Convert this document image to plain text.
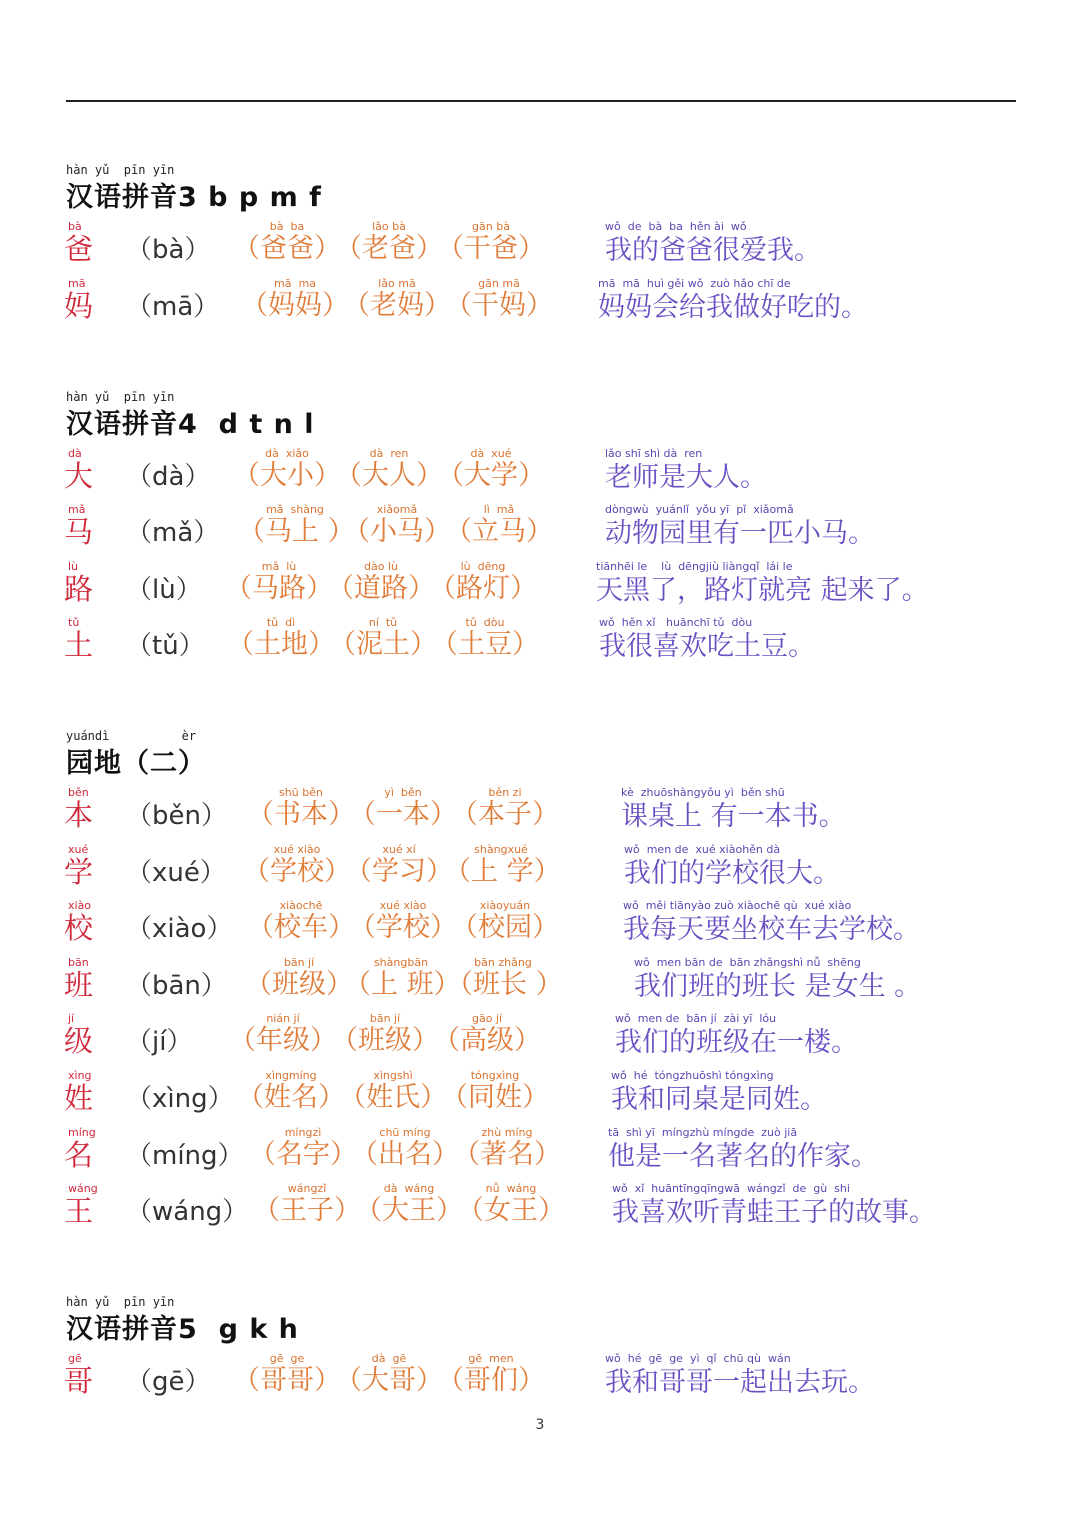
hàn yǔ  pīn yīn
汉语拼音3 b p m f
bà
爸 （bà）
bà  ba
（爸爸）
lǎo bà
（老爸）
gān bà
（干爸）
wǒ  de  bà  ba  hěn ài  wǒ
我的爸爸很爱我。
mā
妈 （mā）
mā  ma
（妈妈）
lǎo mā
（老妈）
gān mā
（干妈）
mā  mā  huì gěi wǒ  zuò hǎo chī de
妈妈会给我做好吃的。
hàn yǔ  pīn yīn
汉语拼音4  d t n l
dà
大 （dà）
dà  xiǎo
（大小）
dà  ren
（大人）
dà  xué
（大学）
lǎo shī shì dà  ren
老师是大人。
mǎ
马 （mǎ）
mǎ  shàng
（马上 ）
xiǎomǎ
（小马）
lì  mǎ
（立马）
dòngwù  yuánlǐ  yǒu yī  pǐ  xiǎomǎ
动物园里有一匹小马。
lù
路 （lù）
mǎ  lù
（马路）
dào lù
（道路）
lù  dēng
（路灯）
tiānhēi le    lù  dēngjiù liàngqǐ  lái le
天黑了，路灯就亮 起来了。
tǔ
土 （tǔ）
tǔ  dì
（土地）
ní  tǔ
（泥土）
tǔ  dòu
（土豆）
wǒ  hěn xǐ   huānchī tǔ  dòu
我很喜欢吃土豆。
yuándì          èr
园地（二）
běn
本 （běn）
shū běn
（书本）
yì  běn
（一本）
běn zi
（本子）
kè  zhuōshàngyǒu yì  běn shū
课桌上 有一本书。
xué
学 （xué）
xué xiào
（学校）
xué xí
（学习）
shàngxué
（上 学）
wǒ  men de  xué xiàohěn dà
我们的学校很大。
xiào
校 （xiào）
xiàochē
（校车）
xué xiào
（学校）
xiàoyuán
（校园）
wǒ  měi tiānyào zuò xiàochē qù  xué xiào
我每天要坐校车去学校。
bān
班 （bān）
bān jí
（班级）
shàngbān
（上 班）
bān zhǎng
（班长 ）
wǒ  men bān de  bān zhǎngshì nǚ  shēng
我们班的班长 是女生 。
jí
级 （jí）
nián jí
（年级）
bān jí
（班级）
gāo jí
（高级）
wǒ  men de  bān jí  zài yī  lóu
我们的班级在一楼。
xìng
姓 （xìng）
xìngmíng
（姓名）
xìngshì
（姓氏）
tóngxìng
（同姓）
wǒ  hé  tóngzhuōshì tóngxìng
我和同桌是同姓。
míng
名 （míng）
míngzì
（名字）
chū míng
（出名）
zhù míng
（著名）
tā  shì yī  míngzhù míngde  zuò jiā
他是一名著名的作家。
wáng
王 （wáng）
wángzǐ
（王子）
dà  wáng
（大王）
nǚ  wáng
（女王）
wǒ  xǐ  huāntīngqīngwā  wángzǐ  de  gù  shi
我喜欢听青蛙王子的故事。
hàn yǔ  pīn yīn
汉语拼音5  g k h
gē
哥 （gē）
gē  ge
（哥哥）
dà  gē
（大哥）
gē  men
（哥们）
wǒ  hé  gē  ge  yì  qǐ  chū qù  wán
我和哥哥一起出去玩。
3
